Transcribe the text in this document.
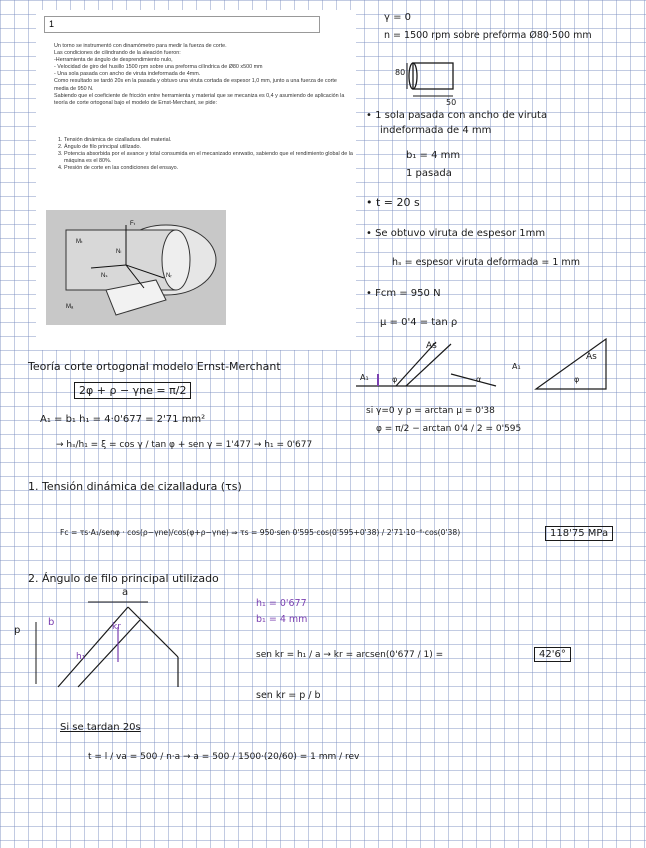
1

Un torno se instrumentó con dinamómetro para medir la fuerza de corte.

Las condiciones de cilindrando de la aleación fueron:

-Herramienta de ángulo de desprendimiento nulo,

- Velocidad de giro del husillo 1500 rpm sobre una preforma cilíndrica de Ø80 x500 mm

- Una sola pasada con ancho de viruta indeformada de 4mm.

Como resultado se tardó 20s en la pasada y obtuvo una viruta cortada de espesor 1,0 mm, junto a una fuerza de corte media de 950 N.

Sabiendo que el coeficiente de fricción entre herramienta y material que se mecaniza es 0,4 y asumiendo de aplicación la teoría de corte ortogonal bajo el modelo de Ernst-Merchant, se pide:

1. Tensión dinámica de cizalladura del material.
2. Ángulo de filo principal utilizado.
3. Potencia absorbida por el avance y total consumida en el mecanizado enrwatio, sabiendo que el rendimiento global de la máquina es el 80%.
4. Presión de corte en las condiciones del ensayo.
Fₜ
Mₜ
Nₗ
Nₛ	Nᵣ
Mₐ
γ = 0
n = 1500 rpm sobre preforma Ø80·500 mm
80
50
• 1 sola pasada con ancho de viruta
indeformada de 4 mm
b₁ = 4 mm
1 pasada
• t = 20 s
• Se obtuvo viruta de espesor 1mm
hₛ = espesor viruta deformada = 1 mm
• Fcm = 950 N
μ = 0'4 = tan ρ
As
A₁	φ	α
As
A₁
φ
si γ=0 y ρ = arctan μ = 0'38
φ = π/2 − arctan 0'4 / 2 = 0'595
Teoría corte ortogonal modelo Ernst-Merchant
2φ + ρ − γne = π/2
A₁ = b₁ h₁ = 4·0'677 = 2'71 mm²
→ hₛ/h₁ = ξ = cos γ / tan φ + sen γ = 1'477 → h₁ = 0'677
1. Tensión dinámica de cizalladura (τs)
Fc = τs·A₁/senφ · cos(ρ−γne)/cos(φ+ρ−γne) ⇒ τs = 950·sen 0'595·cos(0'595+0'38) / 2'71·10⁻⁶·cos(0'38)	118'75 MPa
2. Ángulo de filo principal utilizado
a
p
b	kr
h₁
h₁ = 0'677
b₁ = 4 mm
sen kr = h₁ / a → kr = arcsen(0'677 / 1) =	42'6°
sen kr = p / b
Si se tardan 20s
t = l / va = 500 / n·a → a = 500 / 1500·(20/60) = 1 mm / rev
